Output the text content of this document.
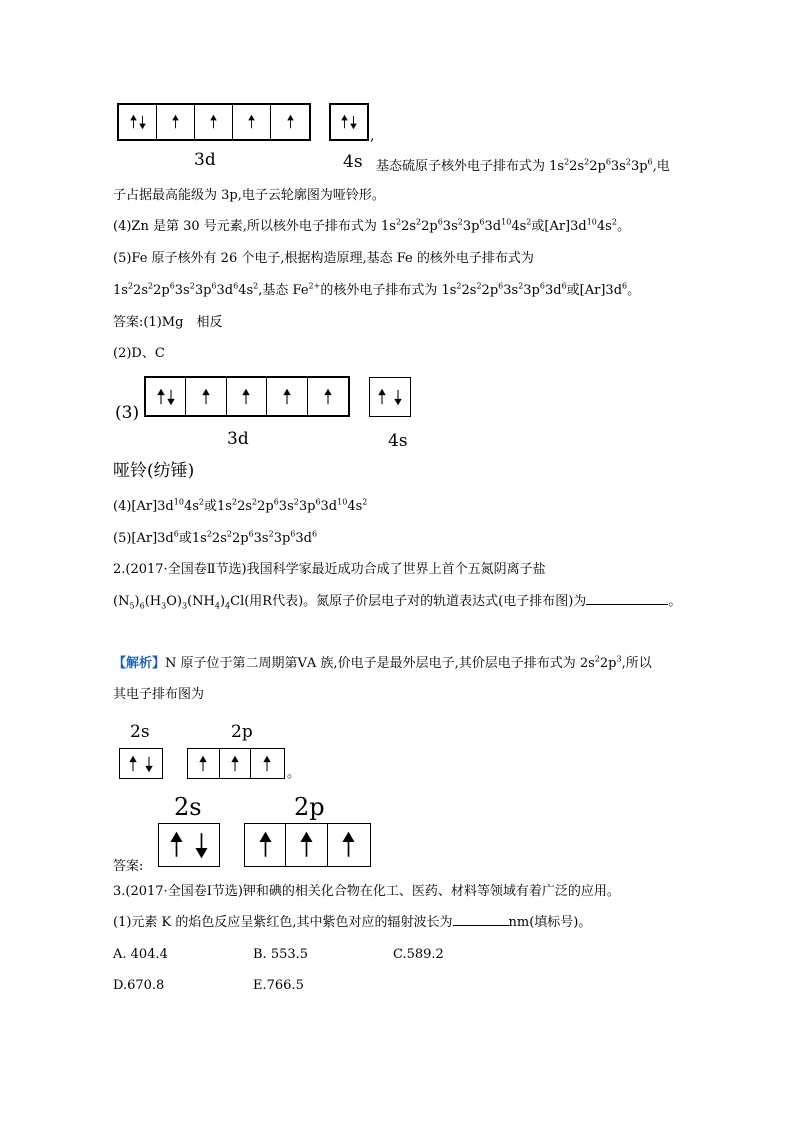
,
3d	4s 基态硫原子核外电子排布式为 $1s^22s^22p^63s^23p^6$,电
子占据最高能级为 3p,电子云轮廓图为哑铃形。
(4)Zn 是第 30 号元素,所以核外电子排布式为 $1s^22s^22p^63s^23p^63d^{10}4s^2$或$[Ar]3d^{10}4s^2$。
(5)Fe 原子核外有 26 个电子,根据构造原理,基态 Fe 的核外电子排布式为
$1s^22s^22p^63s^23p^63d^64s^2$,基态 $Fe^{2+}$的核外电子排布式为 $1s^22s^22p^63s^23p^63d^6$或$[Ar]3d^6$。
答案:(1)Mg　相反
(2)D、C
(3)
3d	4s
哑铃(纺锤)
$(4)[Ar]3d^{10}4s^2$或$1s^22s^22p^63s^23p^63d^{10}4s^2$
$(5)[Ar]3d^6$或$1s^22s^22p^63s^23p^63d^6$
2.(2017·全国卷Ⅱ节选)我国科学家最近成功合成了世界上首个五氮阴离子盐
$(N_5)_6(H_3O)_3(NH_4)_4Cl$(用R代表)。氮原子价层电子对的轨道表达式(电子排布图)为	。
【解析】N 原子位于第二周期第ⅤA 族,价电子是最外层电子,其价层电子排布式为 $2s^22p^3$,所以
其电子排布图为
2s	2p
。
2s	2p
答案:
3.(2017·全国卷Ⅰ节选)钾和碘的相关化合物在化工、医药、材料等领域有着广泛的应用。
(1)元素 K 的焰色反应呈紫红色,其中紫色对应的辐射波长为	nm(填标号)。
A. 404.4	B. 553.5	C.589.2
D.670.8	E.766.5
